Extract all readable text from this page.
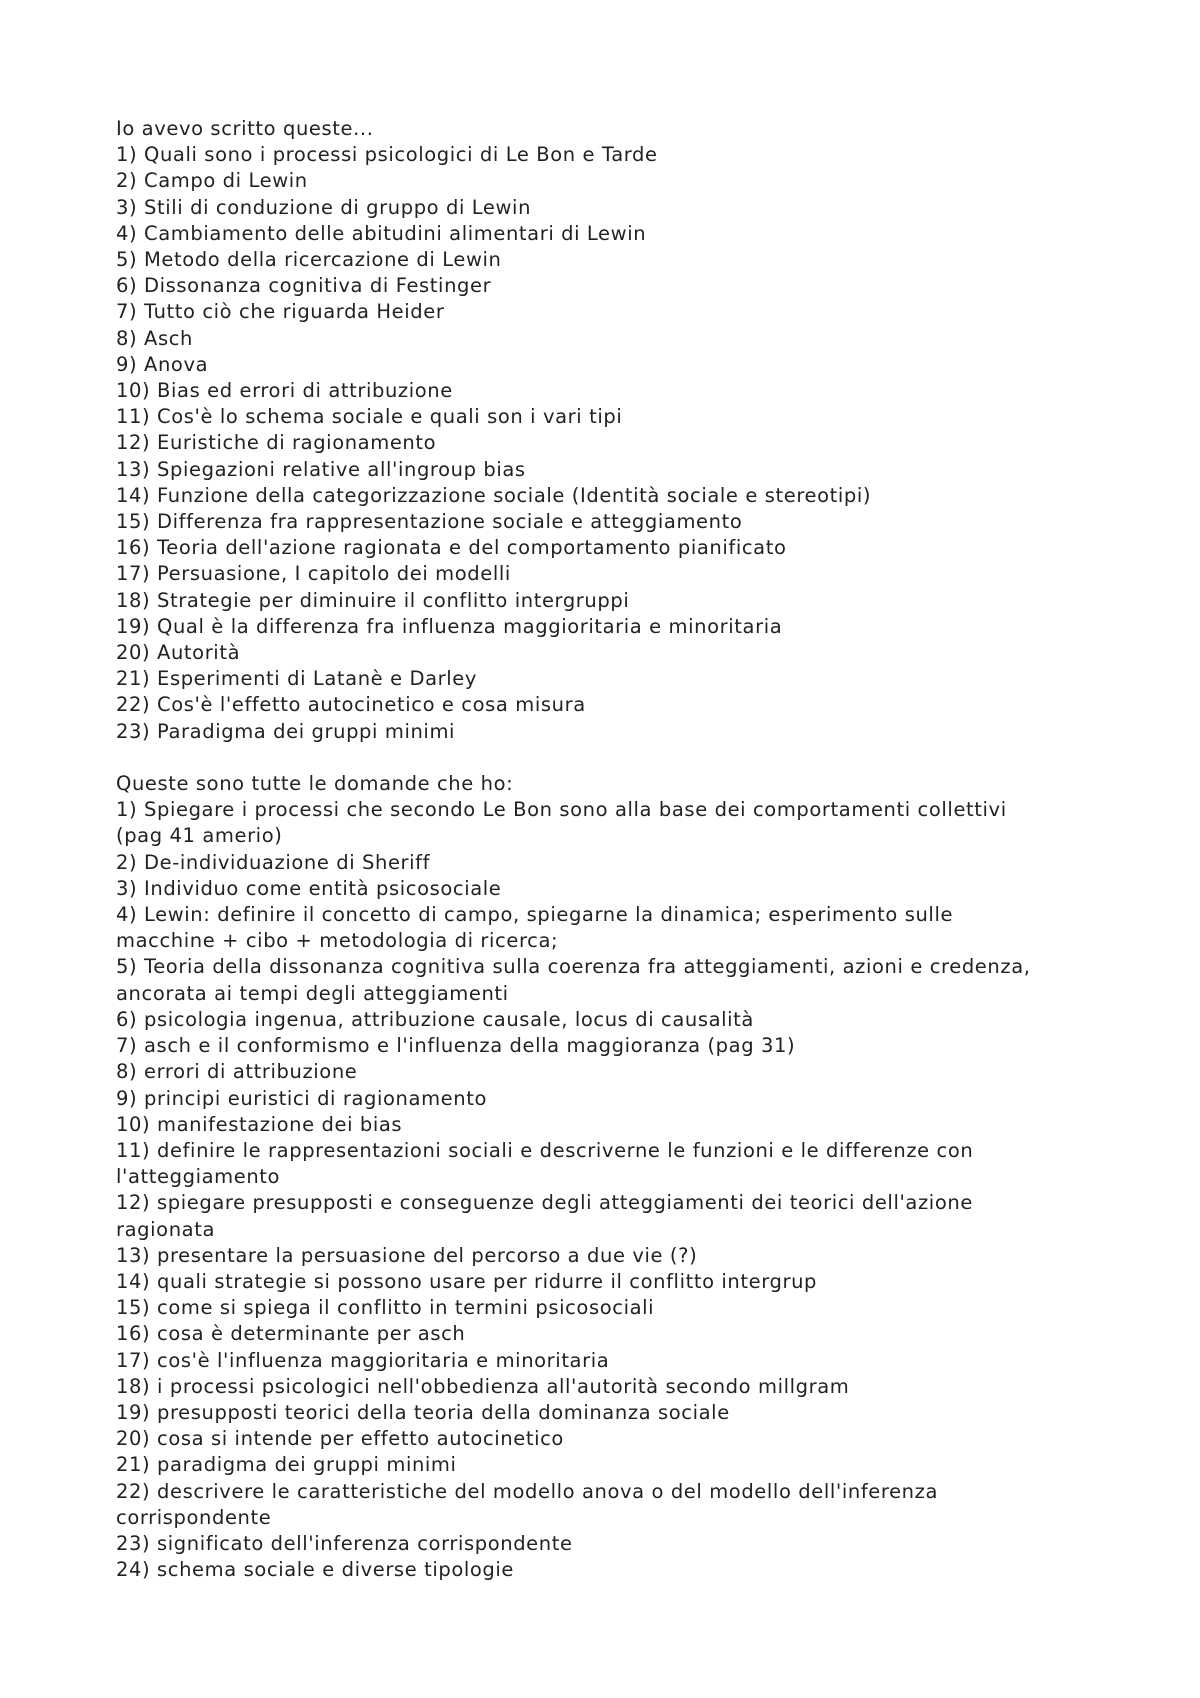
Io avevo scritto queste...

1) Quali sono i processi psicologici di Le Bon e Tarde

2) Campo di Lewin

3) Stili di conduzione di gruppo di Lewin

4) Cambiamento delle abitudini alimentari di Lewin

5) Metodo della ricercazione di Lewin

6) Dissonanza cognitiva di Festinger

7) Tutto ciò che riguarda Heider

8) Asch

9) Anova

10) Bias ed errori di attribuzione

11) Cos'è lo schema sociale e quali son i vari tipi

12) Euristiche di ragionamento

13) Spiegazioni relative all'ingroup bias

14) Funzione della categorizzazione sociale (Identità sociale e stereotipi)

15) Differenza fra rappresentazione sociale e atteggiamento

16) Teoria dell'azione ragionata e del comportamento pianificato

17) Persuasione, I capitolo dei modelli

18) Strategie per diminuire il conflitto intergruppi

19) Qual è la differenza fra influenza maggioritaria e minoritaria

20) Autorità

21) Esperimenti di Latanè e Darley

22) Cos'è l'effetto autocinetico e cosa misura

23) Paradigma dei gruppi minimi

Queste sono tutte le domande che ho:

1) Spiegare i processi che secondo Le Bon sono alla base dei comportamenti collettivi

(pag 41 amerio)

2) De-individuazione di Sheriff

3) Individuo come entità psicosociale

4) Lewin: definire il concetto di campo, spiegarne la dinamica; esperimento sulle

macchine + cibo + metodologia di ricerca;

5) Teoria della dissonanza cognitiva sulla coerenza fra atteggiamenti, azioni e credenza,

ancorata ai tempi degli atteggiamenti

6) psicologia ingenua, attribuzione causale, locus di causalità

7) asch e il conformismo e l'influenza della maggioranza (pag 31)

8) errori di attribuzione

9) principi euristici di ragionamento

10) manifestazione dei bias

11) definire le rappresentazioni sociali e descriverne le funzioni e le differenze con

l'atteggiamento

12) spiegare presupposti e conseguenze degli atteggiamenti dei teorici dell'azione

ragionata

13) presentare la persuasione del percorso a due vie (?)

14) quali strategie si possono usare per ridurre il conflitto intergrup

15) come si spiega il conflitto in termini psicosociali

16) cosa è determinante per asch

17) cos'è l'influenza maggioritaria e minoritaria

18) i processi psicologici nell'obbedienza all'autorità secondo millgram

19) presupposti teorici della teoria della dominanza sociale

20) cosa si intende per effetto autocinetico

21) paradigma dei gruppi minimi

22) descrivere le caratteristiche del modello anova o del modello dell'inferenza

corrispondente

23) significato dell'inferenza corrispondente

24) schema sociale e diverse tipologie
